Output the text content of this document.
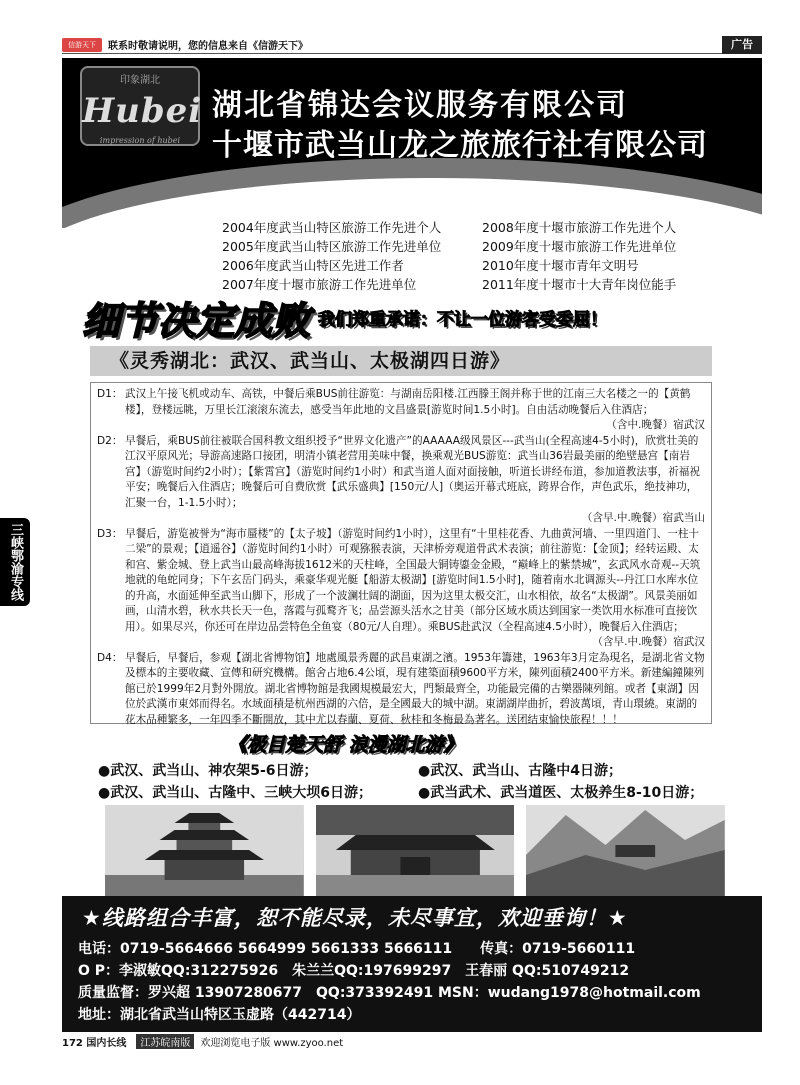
信游天下	联系时敬请说明，您的信息来自《信游天下》	广告
印象湖北
Hubei
impression of hubei
湖北省锦达会议服务有限公司
十堰市武当山龙之旅旅行社有限公司
2004年度武当山特区旅游工作先进个人	2008年度十堰市旅游工作先进个人
2005年度武当山特区旅游工作先进单位	2009年度十堰市旅游工作先进单位
2006年度武当山特区先进工作者	2010年度十堰市青年文明号
2007年度十堰市旅游工作先进单位	2011年度十堰市十大青年岗位能手
细节决定成败 我们郑重承诺：不让一位游客受委屈！
《灵秀湖北：武汉、武当山、太极湖四日游》
D1： 武汉上午接飞机或动车、高铁，中餐后乘BUS前往游览：与湖南岳阳楼.江西滕王阁并称于世的江南三大名楼之一的【黄鹤楼】，登楼远眺，万里长江滚滚东流去，感受当年此地的文昌盛景[游览时间1.5小时]。自由活动晚餐后入住酒店；
（含中.晚餐）宿武汉
D2： 早餐后，乘BUS前往被联合国科教文组织授予“世界文化遗产”的AAAAA级风景区---武当山(全程高速4-5小时)，欣赏壮美的江汉平原风光；导游高速路口接团，明清小镇老营用美味中餐，换乘观光BUS游览：武当山36岩最美丽的绝壁悬宫【南岩宫】（游览时间约2小时）；【紫霄宫】（游览时间约1小时）和武当道人面对面接触，听道长讲经布道，参加道教法事，祈福祝平安；晚餐后入住酒店；晚餐后可自费欣赏【武乐盛典】[150元/人]（奥运开幕式班底，跨界合作，声色武乐，绝技神功，汇聚一台，1-1.5小时）；
（含早.中.晚餐）宿武当山
D3： 早餐后，游览被誉为“海市蜃楼”的【太子坡】（游览时间约1小时），这里有“十里桂花香、九曲黄河墙、一里四道门、一柱十二梁”的景观；【逍遥谷】（游览时间约1小时）可观猕猴表演，天津桥旁观道骨武术表演；前往游览：【金顶】；经转运殿、太和宫、紫金城、登上武当山最高峰海拔1612米的天柱峰，全国最大铜铸鎏金金殿，“巅峰上的紫禁城”，玄武风水奇观--天筑地就的龟蛇同身；下午玄岳门码头，乘豪华观光艇【船游太极湖】[游览时间1.5小时]，随着南水北调源头--丹江口水库水位的升高，水面延伸至武当山脚下，形成了一个波澜壮阔的湖面，因为这里太极交汇，山水相依，故名“太极湖”。风景美丽如画，山清水碧，秋水共长天一色，落霞与孤鹜齐飞；品尝源头活水之甘美（部分区域水质达到国家一类饮用水标准可直接饮用）。如果尽兴，你还可在岸边品尝特色全鱼宴（80元/人自理）。乘BUS赴武汉（全程高速4.5小时），晚餐后入住酒店；
（含早.中.晚餐）宿武汉
D4： 早餐后，早餐后，参观【湖北省博物馆】地處風景秀麗的武昌東湖之濱。1953年籌建，1963年3月定為現名，是湖北省文物及標本的主要收藏、宣傳和研究機構。館舍占地6.4公頃，現有建築面積9600平方米，陳列面積2400平方米。新建編鐘陳列館已於1999年2月對外開放。湖北省博物館是我國規模最宏大，門類最齊全，功能最完備的古樂器陳列館。或者【東湖】因位於武漢市東郊而得名。水域面積是杭州西湖的六倍，是全國最大的城中湖。東湖湖岸曲折，碧波萬頃，青山環繞。東湖的花木品種繁多，一年四季不斷開放，其中尤以春蘭、夏荷、秋桂和冬梅最為著名。送团结束愉快旅程！！！
三峡鄂渝专线
《极目楚天舒 浪漫湖北游》
●武汉、武当山、神农架5-6日游；	●武汉、武当山、古隆中4日游；
●武汉、武当山、古隆中、三峡大坝6日游；	●武当武术、武当道医、太极养生8-10日游；
★线路组合丰富，恕不能尽录，未尽事宜，欢迎垂询！★
电话：0719-5664666 5664999 5661333 5666111　　传真：0719-5660111
O P：李淑敏QQ:312275926　朱兰兰QQ:197699297　王春丽 QQ:510749212
质量监督：罗兴超 13907280677　QQ:373392491 MSN：wudang1978@hotmail.com
地址：湖北省武当山特区玉虚路（442714）
172 国内长线	江苏皖南版	欢迎浏览电子版 www.zyoo.net
